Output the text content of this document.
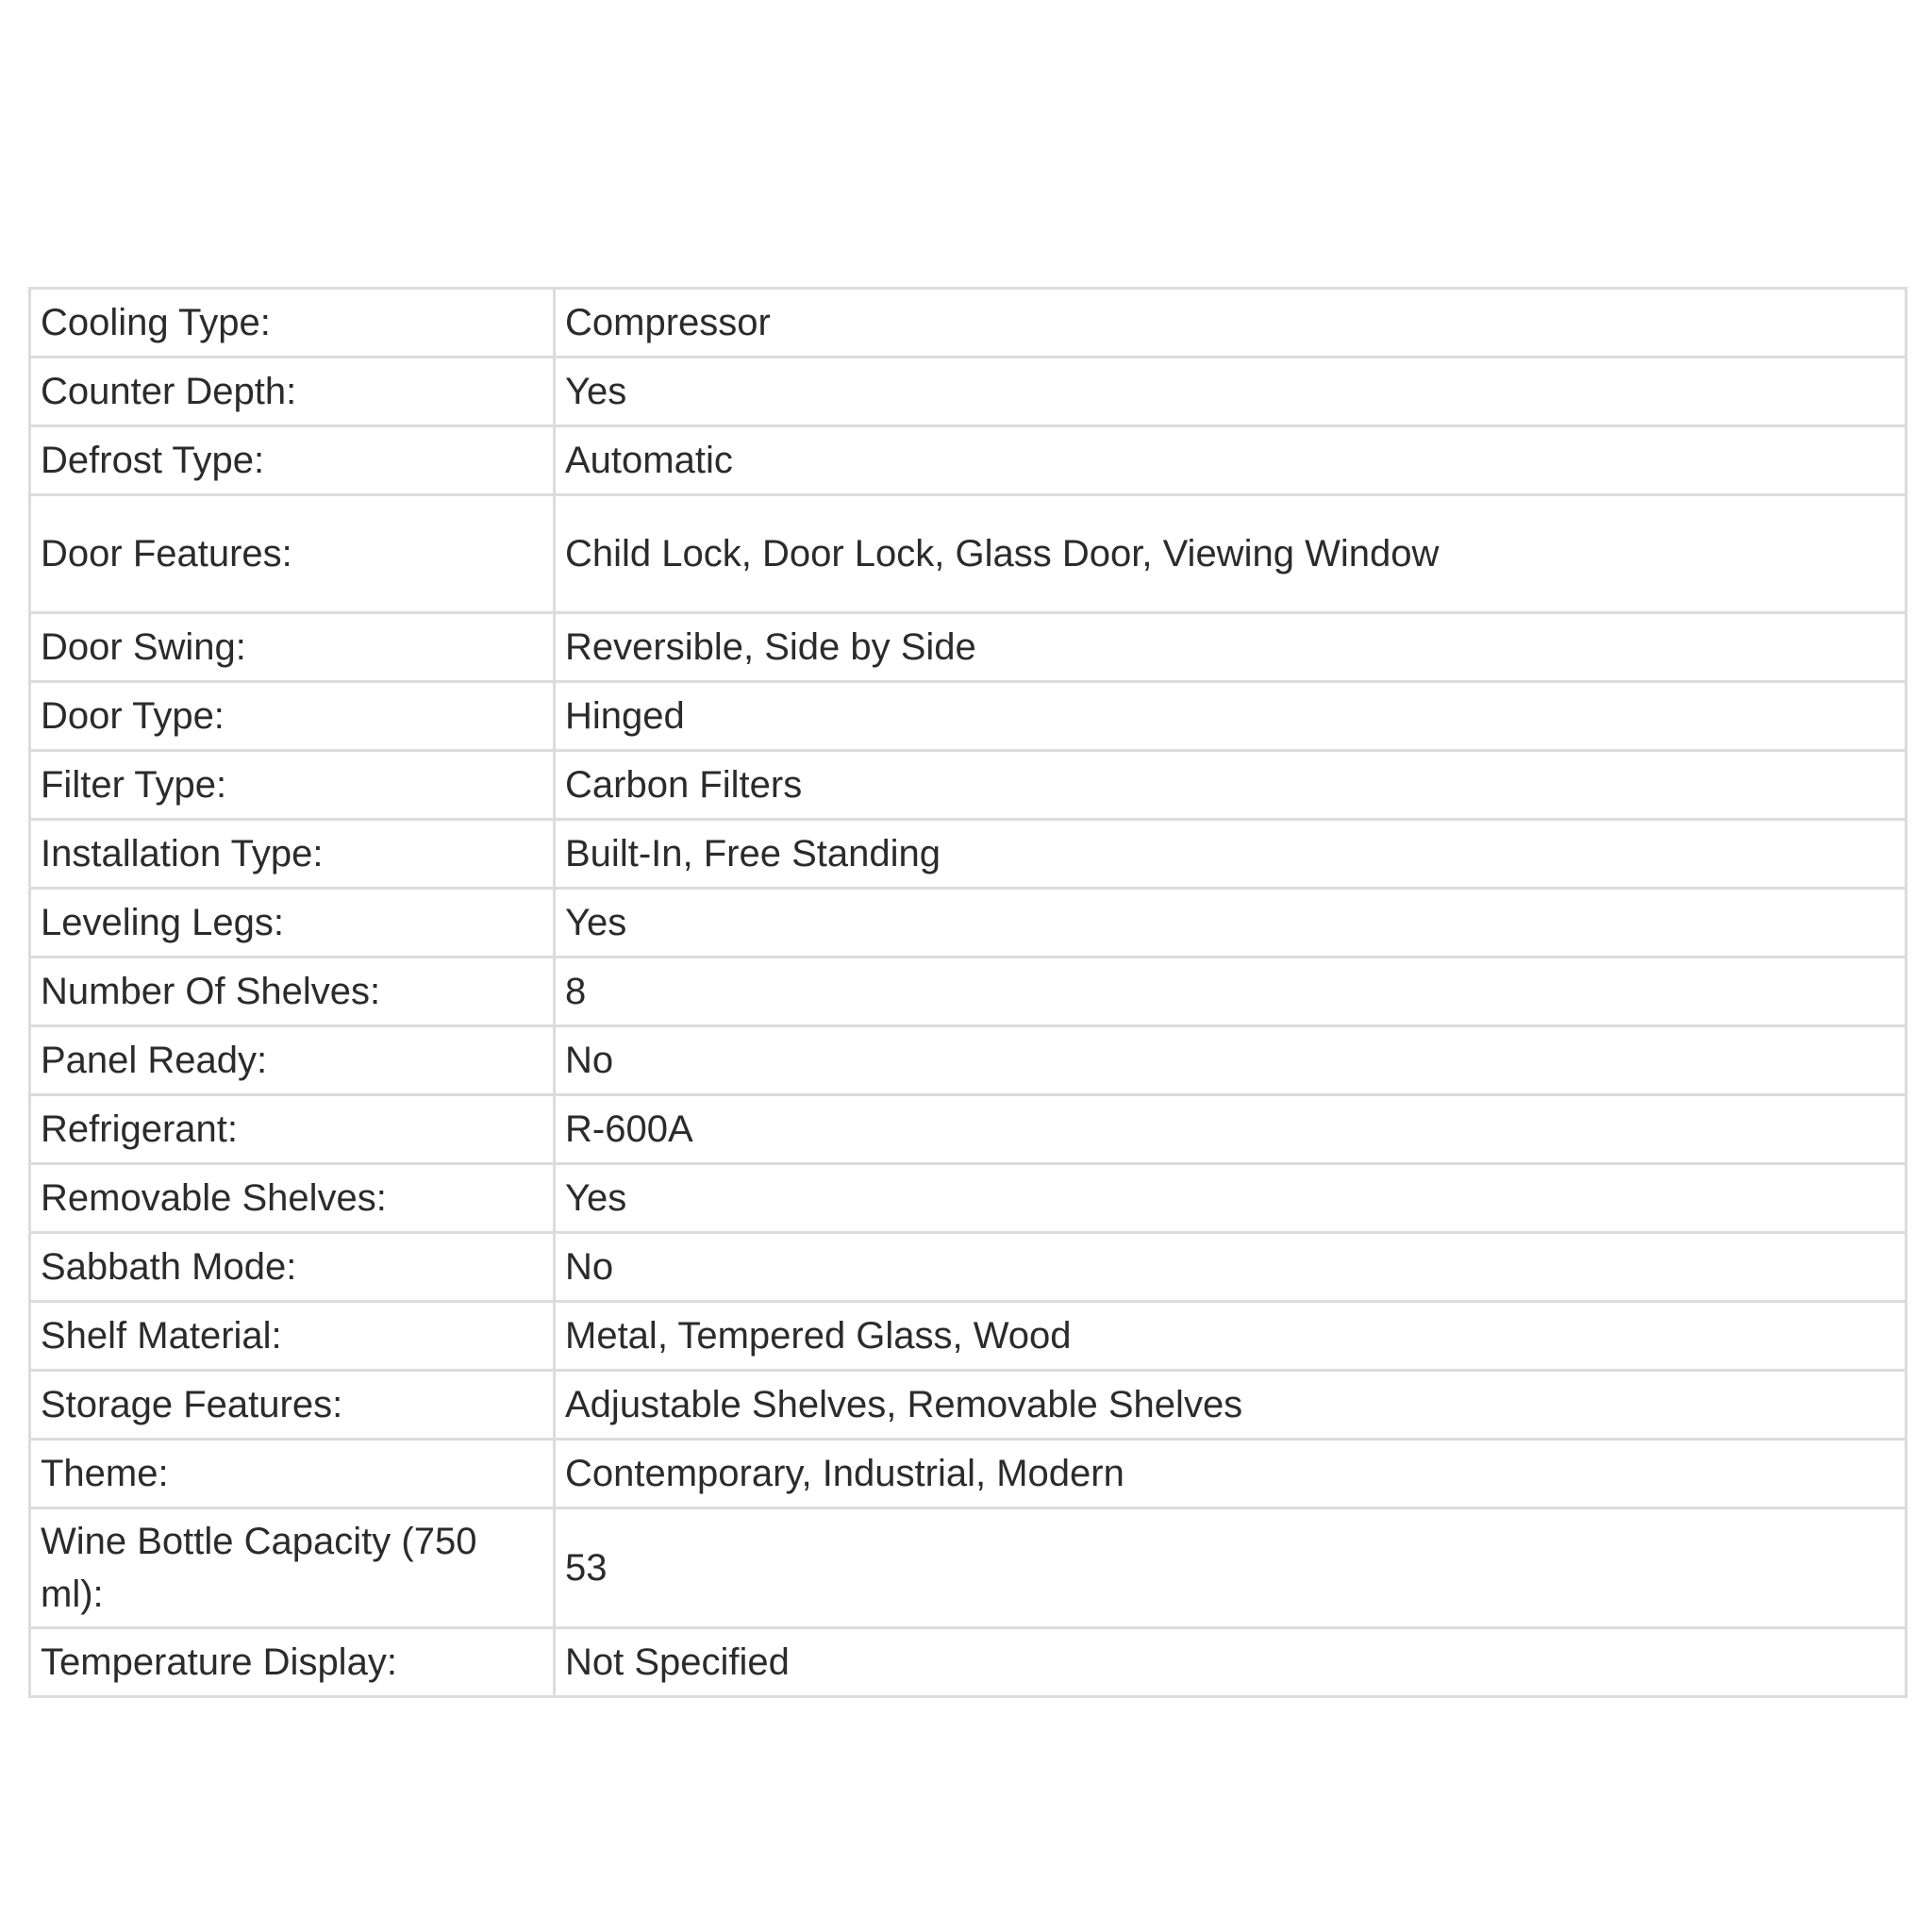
Cooling Type:	Compressor
Counter Depth:	Yes
Defrost Type:	Automatic
Door Features:	Child Lock, Door Lock, Glass Door, Viewing Window
Door Swing:	Reversible, Side by Side
Door Type:	Hinged
Filter Type:	Carbon Filters
Installation Type:	Built-In, Free Standing
Leveling Legs:	Yes
Number Of Shelves:	8
Panel Ready:	No
Refrigerant:	R-600A
Removable Shelves:	Yes
Sabbath Mode:	No
Shelf Material:	Metal, Tempered Glass, Wood
Storage Features:	Adjustable Shelves, Removable Shelves
Theme:	Contemporary, Industrial, Modern
Wine Bottle Capacity (750 ml):	53
Temperature Display:	Not Specified
